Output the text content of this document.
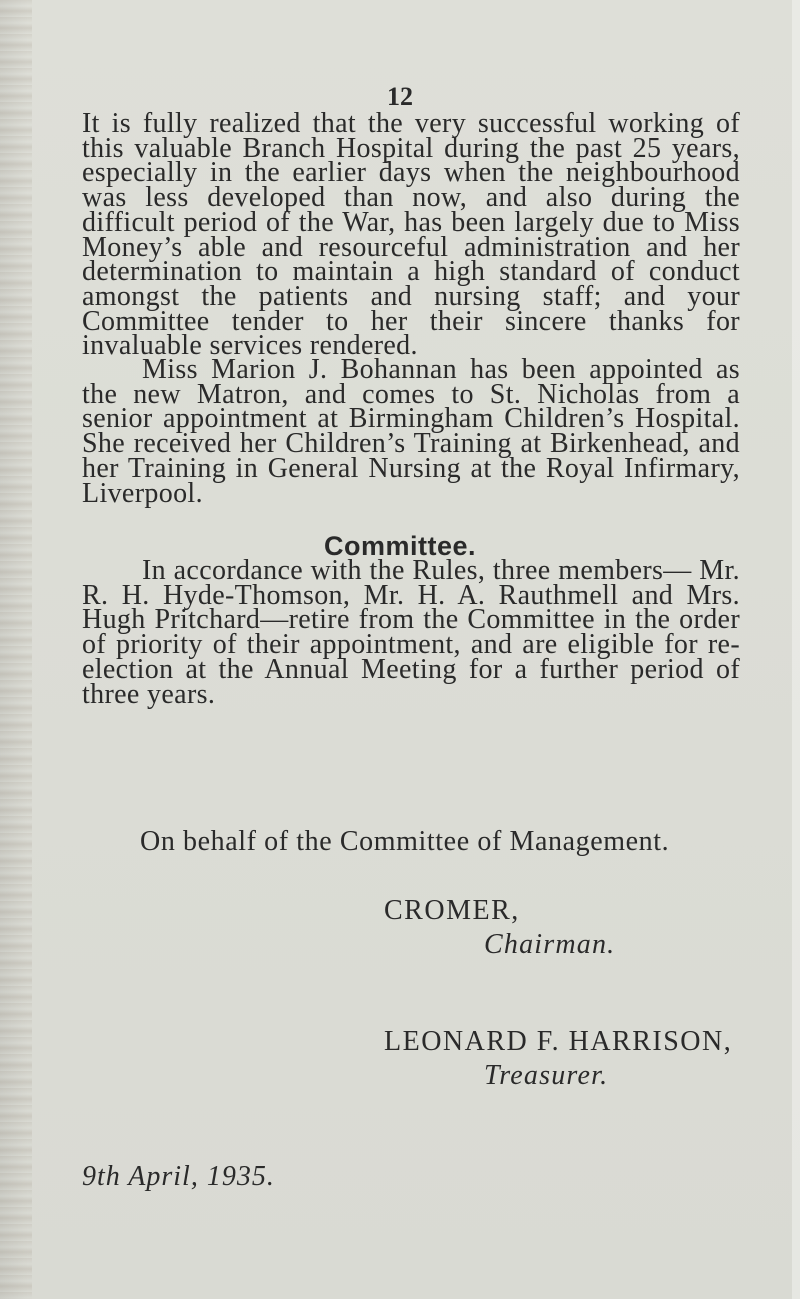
12

It is fully realized that the very successful working of this valuable Branch Hospital during the past 25 years, especially in the earlier days when the neighbourhood was less developed than now, and also during the difficult period of the War, has been largely due to Miss Money’s able and resourceful administration and her determination to maintain a high standard of conduct amongst the patients and nursing staff; and your Committee tender to her their sincere thanks for invaluable services rendered.

Miss Marion J. Bohannan has been appointed as the new Matron, and comes to St. Nicholas from a senior appointment at Birmingham Children’s Hospital. She received her Children’s Training at Birkenhead, and her Training in General Nursing at the Royal Infirmary, Liverpool.

Committee.

In accordance with the Rules, three members— Mr. R. H. Hyde-Thomson, Mr. H. A. Rauthmell and Mrs. Hugh Pritchard—retire from the Committee in the order of priority of their appointment, and are eligible for re-election at the Annual Meeting for a further period of three years.

On behalf of the Committee of Management.
CROMER,
Chairman.
LEONARD F. HARRISON,
Treasurer.
9th April, 1935.
